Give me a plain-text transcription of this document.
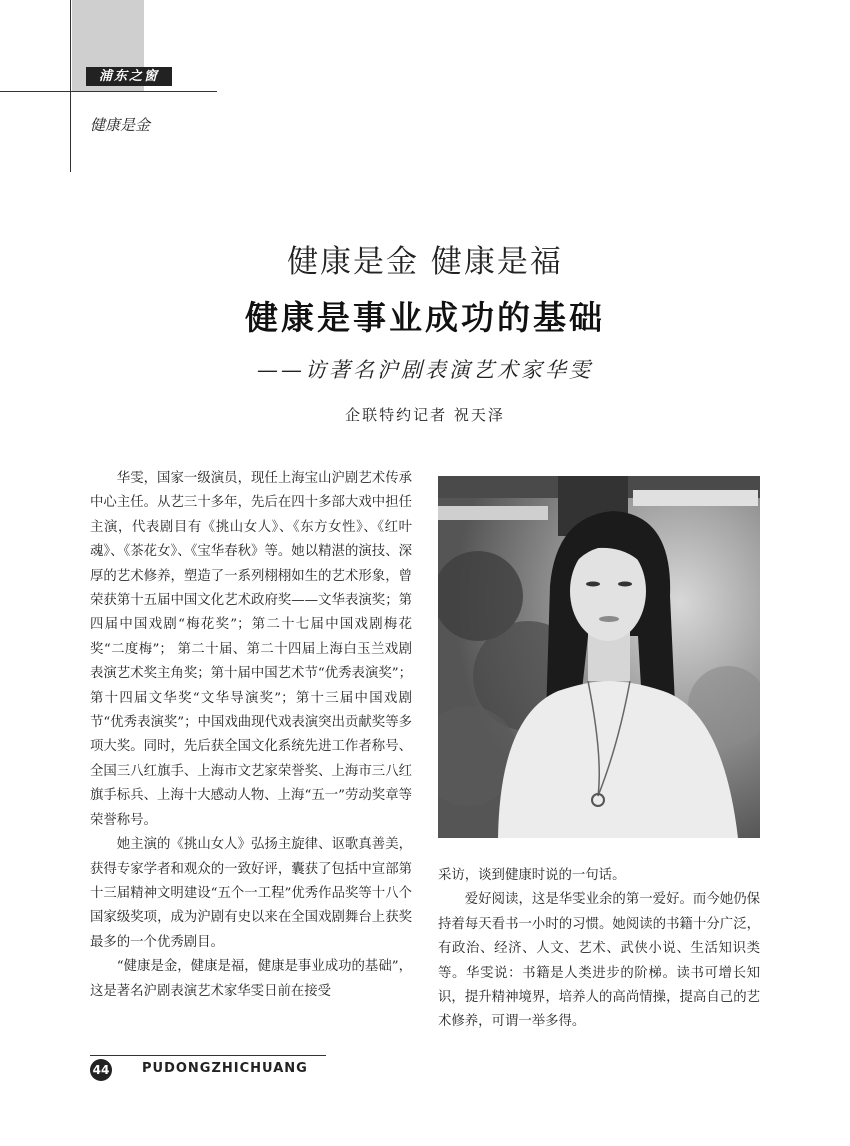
浦东之窗
健康是金
健康是金 健康是福
健康是事业成功的基础
——访著名沪剧表演艺术家华雯
企联特约记者 祝天泽

华雯，国家一级演员，现任上海宝山沪剧艺术传承中心主任。从艺三十多年，先后在四十多部大戏中担任主演，代表剧目有《挑山女人》、《东方女性》、《红叶魂》、《茶花女》、《宝华春秋》等。她以精湛的演技、深厚的艺术修养，塑造了一系列栩栩如生的艺术形象，曾荣获第十五届中国文化艺术政府奖——文华表演奖；第四届中国戏剧“梅花奖”；第二十七届中国戏剧梅花奖“二度梅”； 第二十届、第二十四届上海白玉兰戏剧表演艺术奖主角奖；第十届中国艺术节“优秀表演奖”；第十四届文华奖“文华导演奖”；第十三届中国戏剧节“优秀表演奖”；中国戏曲现代戏表演突出贡献奖等多项大奖。同时，先后获全国文化系统先进工作者称号、全国三八红旗手、上海市文艺家荣誉奖、上海市三八红旗手标兵、上海十大感动人物、上海“五一”劳动奖章等荣誉称号。

她主演的《挑山女人》弘扬主旋律、讴歌真善美，获得专家学者和观众的一致好评，囊获了包括中宣部第十三届精神文明建设“五个一工程”优秀作品奖等十八个国家级奖项，成为沪剧有史以来在全国戏剧舞台上获奖最多的一个优秀剧目。

“健康是金，健康是福，健康是事业成功的基础”，这是著名沪剧表演艺术家华雯日前在接受

采访，谈到健康时说的一句话。

爱好阅读，这是华雯业余的第一爱好。而今她仍保持着每天看书一小时的习惯。她阅读的书籍十分广泛，有政治、经济、人文、艺术、武侠小说、生活知识类等。华雯说：书籍是人类进步的阶梯。读书可增长知识，提升精神境界，培养人的高尚情操，提高自己的艺术修养，可谓一举多得。

44	PUDONGZHICHUANG
